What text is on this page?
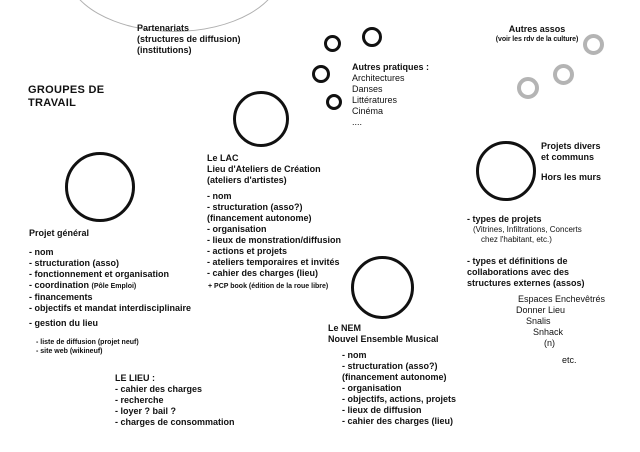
Partenariats
(structures de diffusion)
(institutions)
GROUPES DE
TRAVAIL
Autres pratiques :
Architectures
Danses
Littératures
Cinéma
....
Autres assos
(voir les rdv de la culture)
Le LAC
Lieu d'Ateliers de Création
(ateliers d'artistes)
- nom
- structuration (asso?)
(financement autonome)
- organisation
- lieux de monstration/diffusion
- actions et projets
- ateliers temporaires et invités
- cahier des charges (lieu)
+ PCP book (édition de la roue libre)
Projets divers
et communs
Hors les murs
- types de projets
(Vitrines, Infiltrations, Concerts
chez l'habitant, etc.)
- types et définitions de
collaborations avec des
structures externes (assos)
Espaces Enchevêtrés
Donner Lieu
Snalis
Snhack
(n)
etc.
Projet général
- nom
- structuration (asso)
- fonctionnement et organisation
- coordination (Pôle Emploi)
- financements
- objectifs et mandat interdisciplinaire
- gestion du lieu
- liste de diffusion (projet neuf)
- site web (wikineuf)
LE LIEU :
- cahier des charges
- recherche
- loyer ? bail ?
- charges de consommation
Le NEM
Nouvel Ensemble Musical
- nom
- structuration (asso?)
(financement autonome)
- organisation
- objectifs, actions, projets
- lieux de diffusion
- cahier des charges (lieu)
